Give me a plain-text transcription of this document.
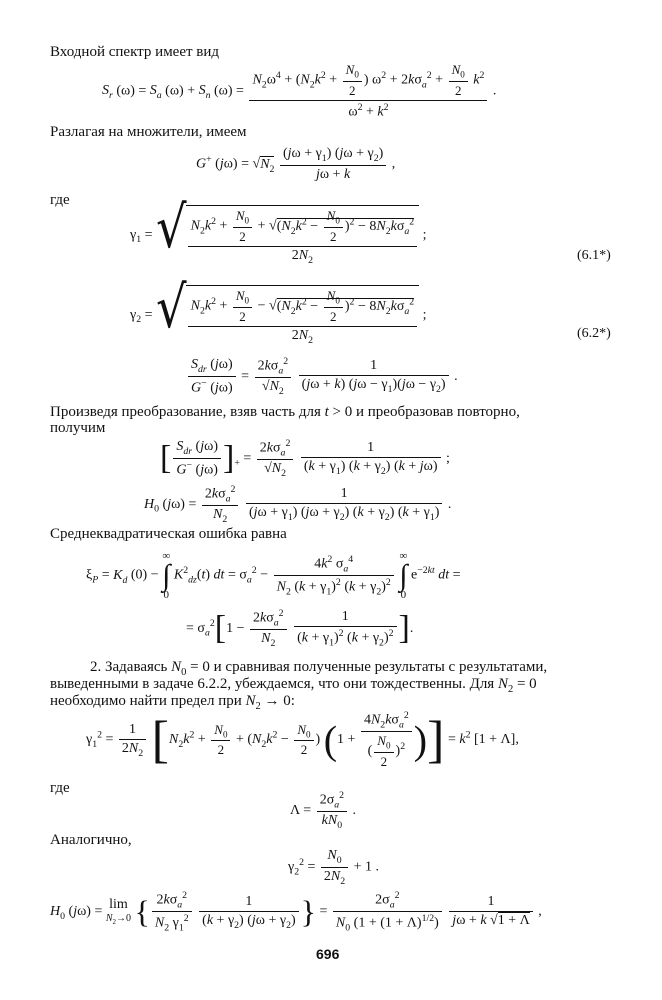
Входной спектр имеет вид
$S_r$ $(\omega) = S_a$ $(\omega) + S_n$ $(\omega) = \frac{N_2\omega^4 + (N_2k^2 + \frac{N_0}{2} ) \omega^2 + 2k\sigma_a^2 + \frac{N_0}{2} k^2}{\omega^2 + k^2}$ .
Разлагая на множители, имеем
G+ $(j\omega) = √N_2 \frac{(j\omega + \gamma_1) (j\omega + \gamma_2)}{j\omega + k}$ ,
где
$\gamma_1$ = √ $\frac{N_2k^2 + \frac{N_0}{2} + √(N_2k^2 - \frac{N_0}{2} )^2 - 8N_2k\sigma_a^2}{2N_2}$ ;
(6.1*)
$\gamma_2$ = √ $\frac{N_2k^2 + \frac{N_0}{2} - √(N_2k^2 - \frac{N_0}{2} )^2 - 8N_2k\sigma_a^2}{2N_2}$ ;
(6.2*)
$\frac{S_{dr} (j\omega)}{G^- (j\omega)} = \frac{2k\sigma_a^2}{√N_2}$
$\frac{1}{(j\omega + k) (j\omega - \gamma_1)(j\omega - \gamma_2)}$ .
Произведя преобразование, взяв часть для t > 0 и преобразовав повторно,
получим
[ $\frac{S_{dr} (j\omega)}{G^- (j\omega)} ]_+ = \frac{2k\sigma_a^2}{√N_2}$
$\frac{1}{(k + \gamma_1) (k + \gamma_2) (k + j\omega)}$ ;
$H_0$ $(j\omega) = \frac{2k\sigma_a^2}{N_2}$
$\frac{1}{(j\omega + \gamma_1) (j\omega + \gamma_2) (k + \gamma_2) (k + \gamma_1)}$ .
Среднеквадратическая ошибка равна
$\xi_P = K_d$ (0) −
∞
∫
0
$K^2_{dz}(t)$ dt = $\sigma_a^2 - \frac{4k^2 \sigma_a^4}{N_2 (k + \gamma_1)^2 (k + \gamma_2)^2}$
∞
∫
0
$e^{-2kt}$ dt =
= $\sigma_a^2[1 - \frac{2k\sigma_a^2}{N_2}$
$\frac{1}{(k + \gamma_1)^2 (k + \gamma_2)^2}$ ].
2. Задаваясь $N_0 = 0$ и сравнивая полученные результаты с результатами,
выведенными в задаче 6.2.2, убеждаемся, что они тождественны. Для $N_2 = 0$
необходимо найти предел при $N_2 \to 0$:
$\gamma_1^2 = \frac{1}{2N_2} [N_2k^2 + \frac{N_0}{2} + (N_2k^2 - \frac{N_0}{2}$ ) ($1 + \frac{4N_2k\sigma_a^2}{( \frac{N_0}{2} )^2}$ )] = $k^2$ [1 + Λ],
где
$\Lambda = \frac{2\sigma_a^2}{kN_0}$ .
Аналогично,
$\gamma_2^2 = \frac{N_0}{2N_2} + 1$ .
$H_0$ (jω) = lim
$N_2\to 0$ { $\frac{2k\sigma_a^2}{N_2 \gamma_1^2}$
$\frac{1}{(k + \gamma_2) (j\omega + \gamma_2)}$ } = $\frac{2\sigma_a^2}{N_0 (1 + (1 + \Lambda)^{1/2})}$
$\frac{1}{j\omega + k √1 + \Lambda}$ ,
696
